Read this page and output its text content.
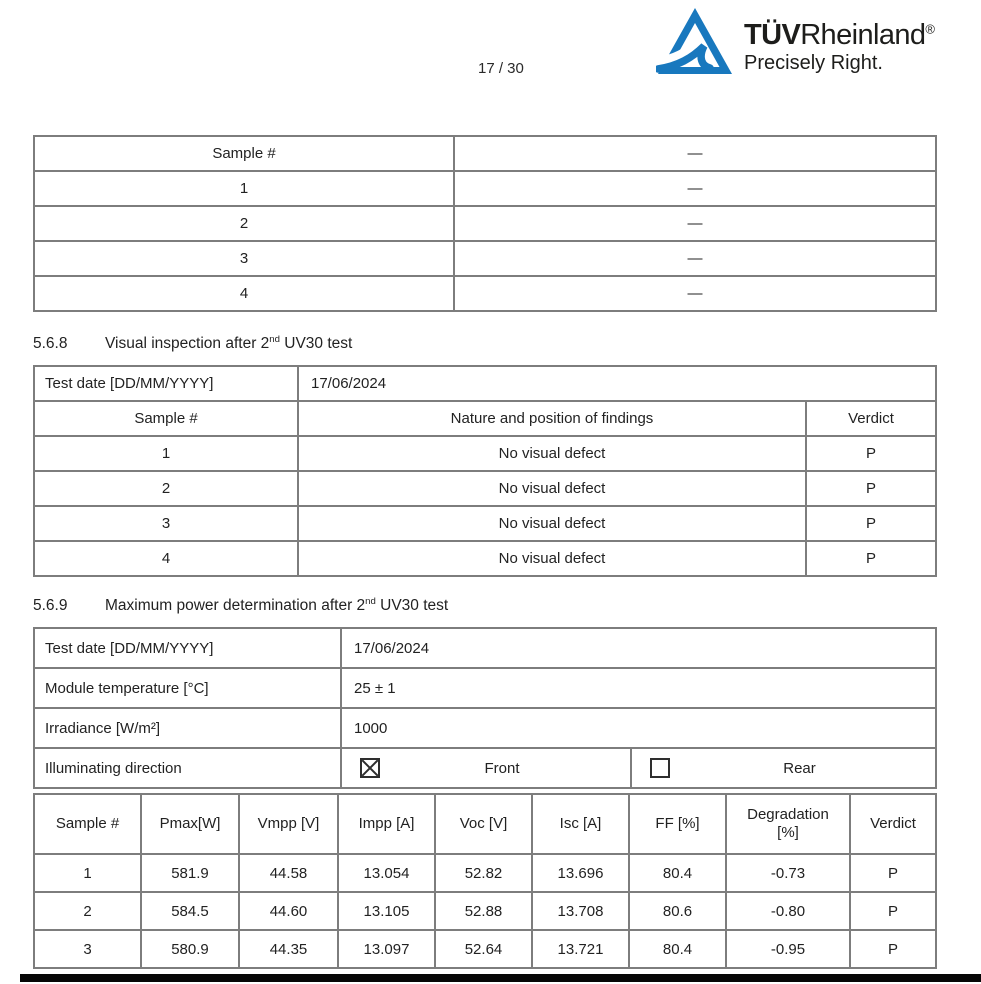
17 / 30
TÜVRheinland®
Precisely Right.
Sample #	—
1	—
2	—
3	—
4	—
5.6.8 Visual inspection after 2nd UV30 test
Test date [DD/MM/YYYY]	17/06/2024	
Sample #	Nature and position of findings	Verdict
1	No visual defect	P
2	No visual defect	P
3	No visual defect	P
4	No visual defect	P
5.6.9 Maximum power determination after 2nd UV30 test
Test date [DD/MM/YYYY]	17/06/2024	
Module temperature [°C]	25 ± 1	
Irradiance [W/m²]	1000	
Illuminating direction	Front	Rear
Sample #	Pmax[W]	Vmpp [V]	Impp [A]	Voc [V]	Isc [A]	FF [%]	Degradation [%]	Verdict
1	581.9	44.58	13.054	52.82	13.696	80.4	-0.73	P
2	584.5	44.60	13.105	52.88	13.708	80.6	-0.80	P
3	580.9	44.35	13.097	52.64	13.721	80.4	-0.95	P
